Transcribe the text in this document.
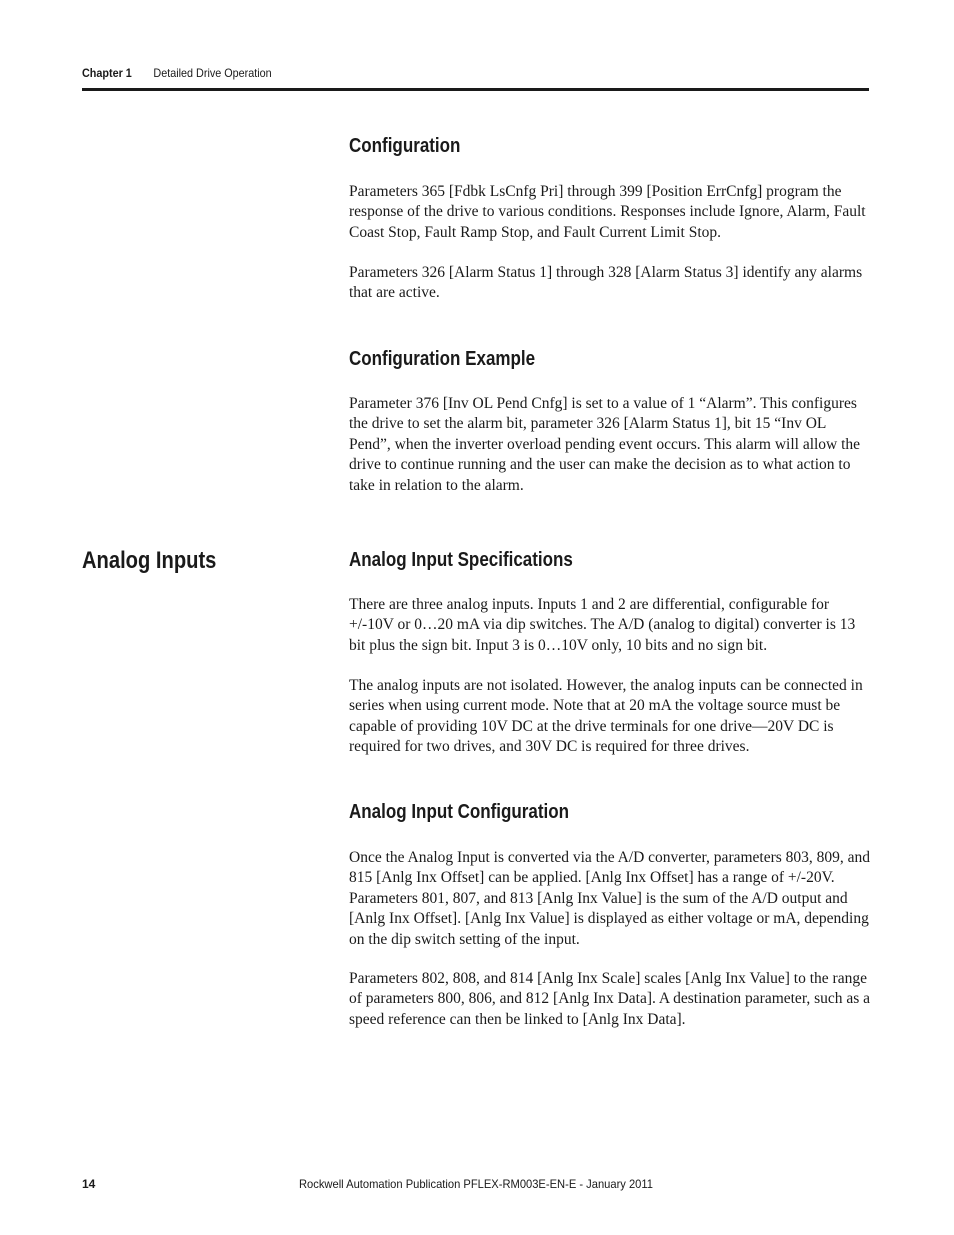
Chapter 1 Detailed Drive Operation
Configuration

Parameters 365 [Fdbk LsCnfg Pri] through 399 [Position ErrCnfg] program the response of the drive to various conditions. Responses include Ignore, Alarm, Fault Coast Stop, Fault Ramp Stop, and Fault Current Limit Stop.

Parameters 326 [Alarm Status 1] through 328 [Alarm Status 3] identify any alarms that are active.

Configuration Example

Parameter 376 [Inv OL Pend Cnfg] is set to a value of 1 “Alarm”. This configures the drive to set the alarm bit, parameter 326 [Alarm Status 1], bit 15 “Inv OL Pend”, when the inverter overload pending event occurs. This alarm will allow the drive to continue running and the user can make the decision as to what action to take in relation to the alarm.

Analog Inputs	Analog Input Specifications

There are three analog inputs. Inputs 1 and 2 are differential, configurable for +/-10V or 0…20 mA via dip switches. The A/D (analog to digital) converter is 13 bit plus the sign bit. Input 3 is 0…10V only, 10 bits and no sign bit.

The analog inputs are not isolated. However, the analog inputs can be connected in series when using current mode. Note that at 20 mA the voltage source must be capable of providing 10V DC at the drive terminals for one drive—20V DC is required for two drives, and 30V DC is required for three drives.

Analog Input Configuration

Once the Analog Input is converted via the A/D converter, parameters 803, 809, and 815 [Anlg Inx Offset] can be applied. [Anlg Inx Offset] has a range of +/-20V. Parameters 801, 807, and 813 [Anlg Inx Value] is the sum of the A/D output and [Anlg Inx Offset]. [Anlg Inx Value] is displayed as either voltage or mA, depending on the dip switch setting of the input.

Parameters 802, 808, and 814 [Anlg Inx Scale] scales [Anlg Inx Value] to the range of parameters 800, 806, and 812 [Anlg Inx Data]. A destination parameter, such as a speed reference can then be linked to [Anlg Inx Data].

14	Rockwell Automation Publication PFLEX-RM003E-EN-E - January 2011
